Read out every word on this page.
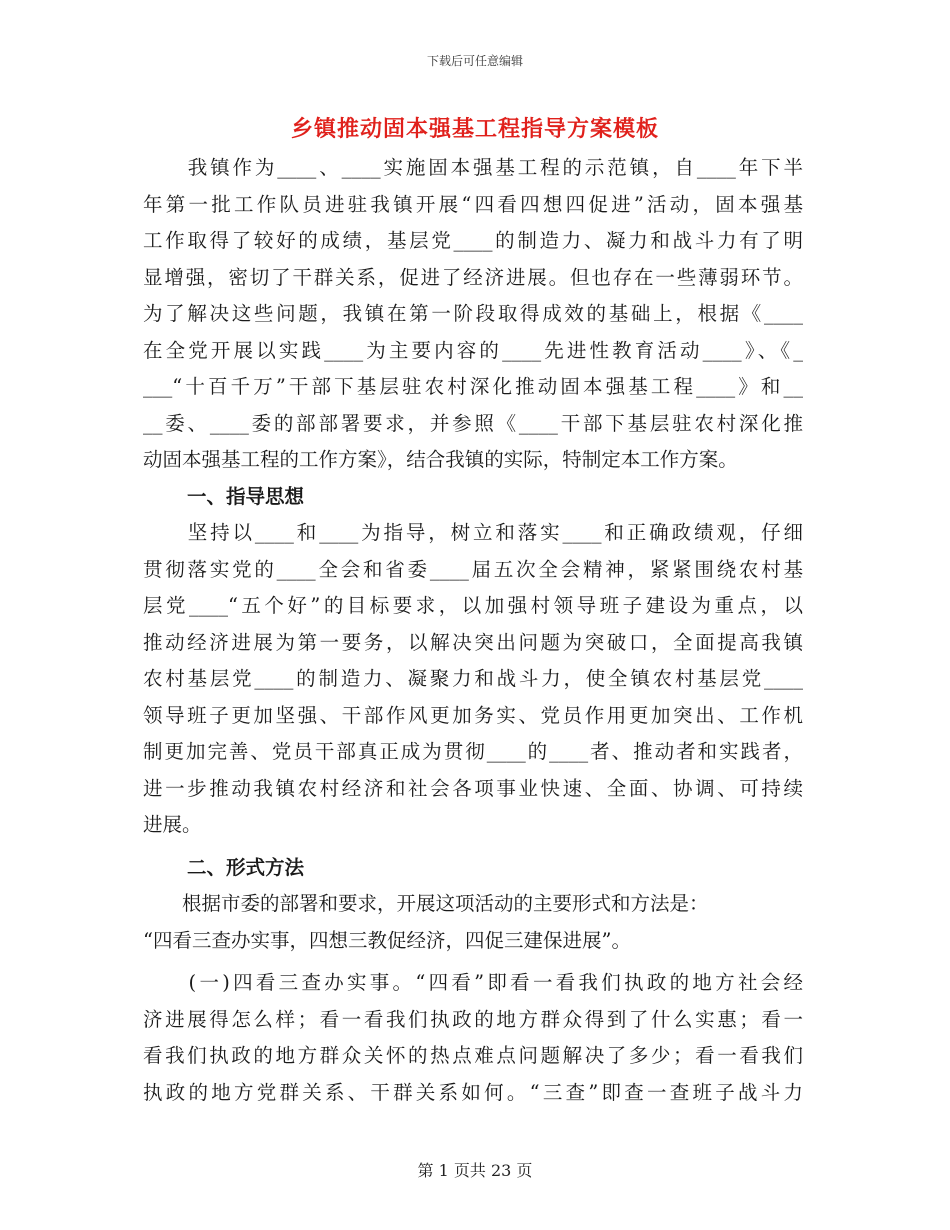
下载后可任意编辑
乡镇推动固本强基工程指导方案模板
　　我镇作为____、____实施固本强基工程的示范镇，自____年下半
年第一批工作队员进驻我镇开展“四看四想四促进”活动，固本强基
工作取得了较好的成绩，基层党____的制造力、凝力和战斗力有了明
显增强，密切了干群关系，促进了经济进展。但也存在一些薄弱环节。
为了解决这些问题，我镇在第一阶段取得成效的基础上，根据《____
在全党开展以实践____为主要内容的____先进性教育活动____》、《_
___“十百千万”干部下基层驻农村深化推动固本强基工程____》和__
__委、____委的部部署要求，并参照《____干部下基层驻农村深化推
动固本强基工程的工作方案》，结合我镇的实际，特制定本工作方案。
一、指导思想
　　坚持以____和____为指导，树立和落实____和正确政绩观，仔细
贯彻落实党的____全会和省委____届五次全会精神，紧紧围绕农村基
层党____“五个好”的目标要求，以加强村领导班子建设为重点，以
推动经济进展为第一要务，以解决突出问题为突破口，全面提高我镇
农村基层党____的制造力、凝聚力和战斗力，使全镇农村基层党____
领导班子更加坚强、干部作风更加务实、党员作用更加突出、工作机
制更加完善、党员干部真正成为贯彻____的____者、推动者和实践者，
进一步推动我镇农村经济和社会各项事业快速、全面、协调、可持续
进展。
二、形式方法
　　根据市委的部署和要求，开展这项活动的主要形式和方法是：
“四看三查办实事，四想三教促经济，四促三建保进展”。
　　(一)四看三查办实事。“四看”即看一看我们执政的地方社会经
济进展得怎么样；看一看我们执政的地方群众得到了什么实惠；看一
看我们执政的地方群众关怀的热点难点问题解决了多少；看一看我们
执政的地方党群关系、干群关系如何。“三查”即查一查班子战斗力
第 1 页共 23 页
